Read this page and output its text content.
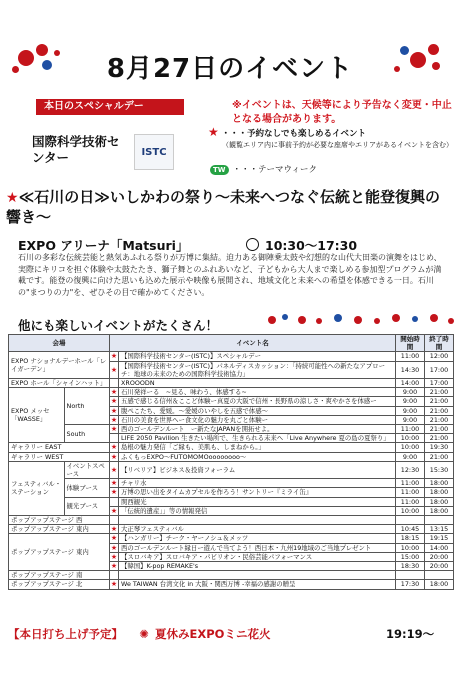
8月27日のイベント
本日のスペシャルデー	※イベントは、天候等により予告なく変更・中止となる場合があります。
国際科学技術センター	ISTC
★ ・・・予約なしでも楽しめるイベント
（観覧エリア内に事前予約が必要な座席やエリアがあるイベントを含む）
TW ・・・テーマウィーク
★≪石川の日≫いしかわの祭り～未来へつなぐ伝統と能登復興の響き～
EXPO アリーナ「Matsuri」	10:30～17:30
石川の多彩な伝統芸能と熱気あふれる祭りが万博に集結。迫力ある御陣乗太鼓や幻想的な山代大田楽の演舞をはじめ、実際にキリコを担ぐ体験や太鼓たたき、獅子舞とのふれあいなど、子どもから大人まで楽しめる参加型プログラムが満載です。能登の復興に向けた思いも込めた展示や映像も展開され、地域文化と未来への希望を体感できる一日。石川の"まつりの力"を、ぜひその目で確かめてください。
他にも楽しいイベントがたくさん！
会場		イベント名		開始時間	終了時間
EXPO ナショナルデーホール「レイガーデン」		★	【国際科学技術センター(ISTC)】スペシャルデー	11:00	12:00
		★	【国際科学技術センター(ISTC)】パネルディスカッション：「持続可能性への新たなアプローチ：地球の未来のための国際科学技術協力」	14:30	17:00
EXPO ホール「シャインハット」			XROOODN	14:00	17:00
EXPO メッセ「WASSE」	North	★	石川発祥ーる　~見る、味わう、体感する~	9:00	21:00
		★	五感で感じる信州＆ここど体験ー真夏の大阪で信州・長野県の涼しさ・爽やかさを体感ー	9:00	21:00
		★	腹ぺこたち、愛媛。～愛媛のいやしを五感で体感～	9:00	21:00
		★	石川の美食を世界へー食文化の魅力を丸ごと体験ー	9:00	21:00
	South	★	西のゴールデンルート　ー新たなJAPANを開拓せよ。	11:00	21:00
			LIFE 2050 Pavilion 生きたい場所で、生きられる未来へ「Live Anywhere 夏の島の夏祭り」	10:00	21:00
ギャラリー EAST		★	島根の魅力発信「ご縁も、美肌も、しまねから。」	10:00	19:30
ギャラリー WEST		★	ふくもっEXPO～FUTOMOMOoooooooo～	9:00	21:00
フェスティバル・ステーション	イベントスペース	★	【リベリア】ビジネス＆投資フォーラム	12:30	15:30
	体験ブース	★	チャリ水	11:00	18:00
		★	万博の思い出をタイムカプセルを作ろう！サントリー『ミライ缶』	11:00	18:00
	観光ブース		関西観光	11:00	18:00
		★	「伝統的遺産」」等の情報発信	10:00	18:00
ポップアップステージ 西					
ポップアップステージ 東内		★	大正琴フェスティバル	10:45	13:15
ポップアップステージ 東内		★	【ハンガリー】チーク・ヤーノシュ＆メッツ	18:15	19:15
		★	西のゴールデンルート縁日ー遊んで当てよう！西日本・九州19地域のご当地プレゼント	10:00	14:00
		★	【スロバキア】スロバキア・パビリオン・民俗芸能パフォーマンス	15:00	20:00
		★	【韓国】K-pop REMAKE's	18:30	20:00
ポップアップステージ 南					
ポップアップステージ 北		★	We TAIWAN 台湾文化 in 大阪・関西万博 -幸福の感謝の贈呈	17:30	18:00
【本日打ち上げ予定】 ✺ 夏休みEXPOミニ花火	19:19～
